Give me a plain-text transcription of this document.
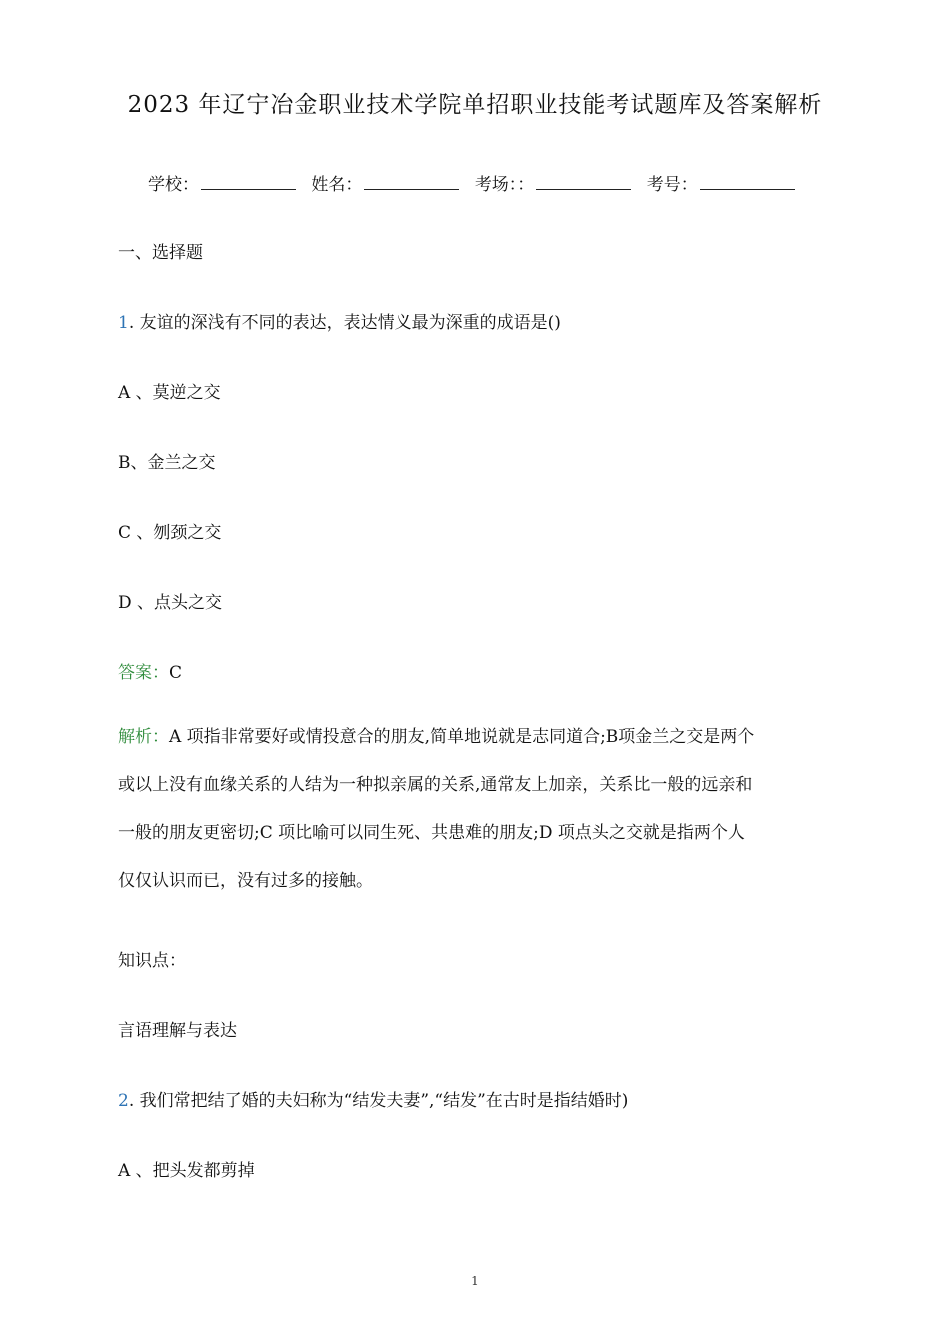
2023 年辽宁冶金职业技术学院单招职业技能考试题库及答案解析
学校：	姓名：	考场：：	考号：
一、选择题
1. 友谊的深浅有不同的表达，表达情义最为深重的成语是()
A 、莫逆之交
B、金兰之交
C 、刎颈之交
D 、点头之交
答案：C
解析：A 项指非常要好或情投意合的朋友,简单地说就是志同道合;B项金兰之交是两个
或以上没有血缘关系的人结为一种拟亲属的关系,通常友上加亲，关系比一般的远亲和
一般的朋友更密切;C 项比喻可以同生死、共患难的朋友;D 项点头之交就是指两个人
仅仅认识而已，没有过多的接触。
知识点：
言语理解与表达
2. 我们常把结了婚的夫妇称为“结发夫妻”,“结发”在古时是指结婚时)
A 、把头发都剪掉
1
